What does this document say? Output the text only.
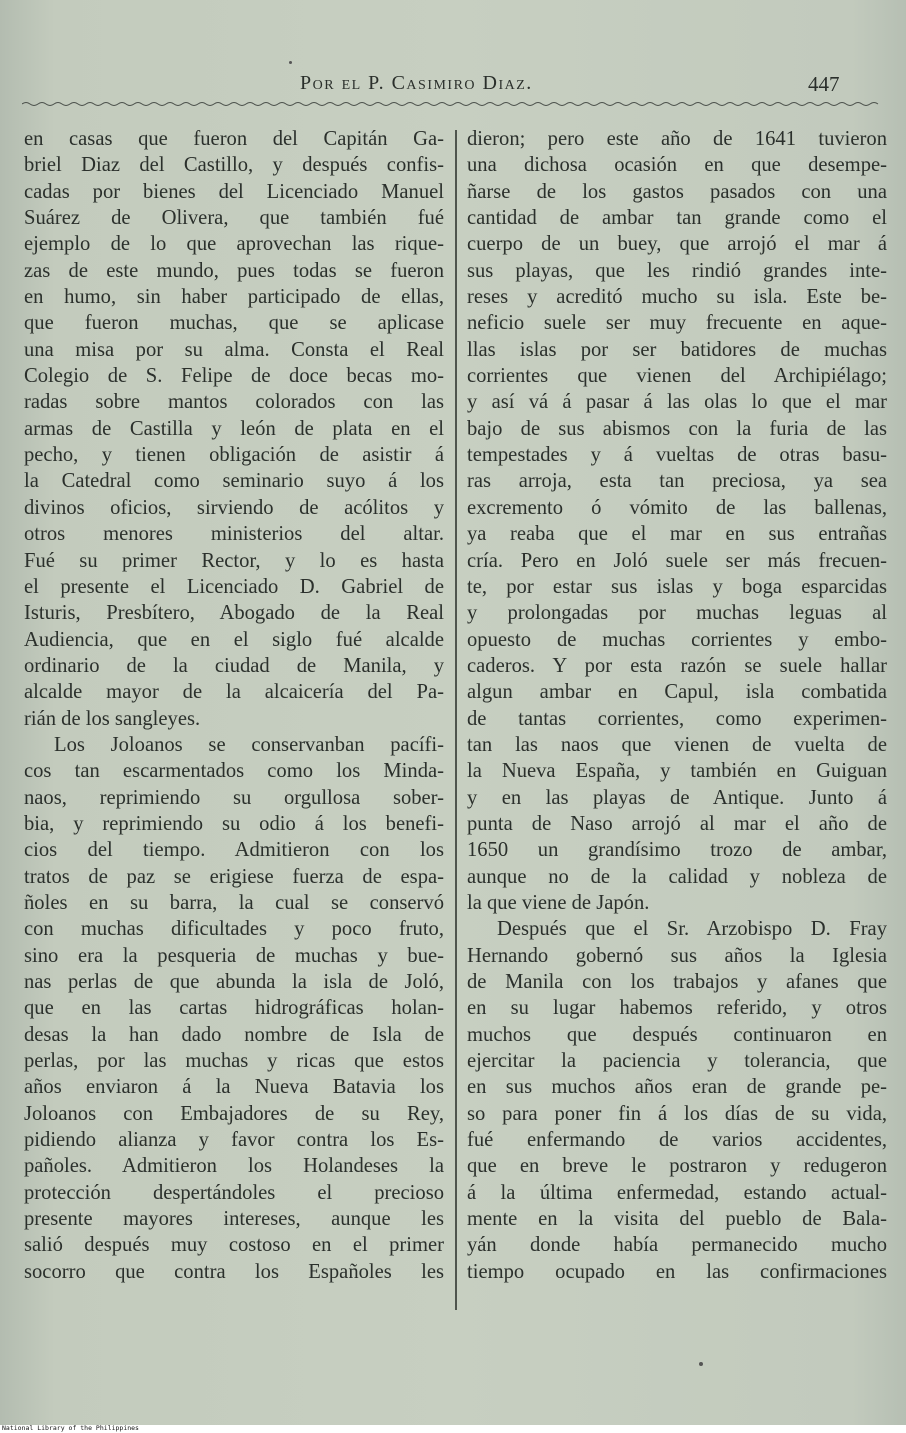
Por el P. Casimiro Diaz.	447
en casas que fueron del Capitán Ga-
briel Diaz del Castillo, y después confis-
cadas por bienes del Licenciado Manuel
Suárez de Olivera, que también fué
ejemplo de lo que aprovechan las rique-
zas de este mundo, pues todas se fueron
en humo, sin haber participado de ellas,
que fueron muchas, que se aplicase
una misa por su alma. Consta el Real
Colegio de S. Felipe de doce becas mo-
radas sobre mantos colorados con las
armas de Castilla y león de plata en el
pecho, y tienen obligación de asistir á
la Catedral como seminario suyo á los
divinos oficios, sirviendo de acólitos y
otros menores ministerios del altar.
Fué su primer Rector, y lo es hasta
el presente el Licenciado D. Gabriel de
Isturis, Presbítero, Abogado de la Real
Audiencia, que en el siglo fué alcalde
ordinario de la ciudad de Manila, y
alcalde mayor de la alcaicería del Pa-
rián de los sangleyes.
Los Joloanos se conservanban pacífi-
cos tan escarmentados como los Minda-
naos, reprimiendo su orgullosa sober-
bia, y reprimiendo su odio á los benefi-
cios del tiempo. Admitieron con los
tratos de paz se erigiese fuerza de espa-
ñoles en su barra, la cual se conservó
con muchas dificultades y poco fruto,
sino era la pesqueria de muchas y bue-
nas perlas de que abunda la isla de Joló,
que en las cartas hidrográficas holan-
desas la han dado nombre de Isla de
perlas, por las muchas y ricas que estos
años enviaron á la Nueva Batavia los
Joloanos con Embajadores de su Rey,
pidiendo alianza y favor contra los Es-
pañoles. Admitieron los Holandeses la
protección despertándoles el precioso
presente mayores intereses, aunque les
salió después muy costoso en el primer
socorro que contra los Españoles les
dieron; pero este año de 1641 tuvieron
una dichosa ocasión en que desempe-
ñarse de los gastos pasados con una
cantidad de ambar tan grande como el
cuerpo de un buey, que arrojó el mar á
sus playas, que les rindió grandes inte-
reses y acreditó mucho su isla. Este be-
neficio suele ser muy frecuente en aque-
llas islas por ser batidores de muchas
corrientes que vienen del Archipiélago;
y así vá á pasar á las olas lo que el mar
bajo de sus abismos con la furia de las
tempestades y á vueltas de otras basu-
ras arroja, esta tan preciosa, ya sea
excremento ó vómito de las ballenas,
ya reaba que el mar en sus entrañas
cría. Pero en Joló suele ser más frecuen-
te, por estar sus islas y boga esparcidas
y prolongadas por muchas leguas al
opuesto de muchas corrientes y embo-
caderos. Y por esta razón se suele hallar
algun ambar en Capul, isla combatida
de tantas corrientes, como experimen-
tan las naos que vienen de vuelta de
la Nueva España, y también en Guiguan
y en las playas de Antique. Junto á
punta de Naso arrojó al mar el año de
1650 un grandísimo trozo de ambar,
aunque no de la calidad y nobleza de
la que viene de Japón.
Después que el Sr. Arzobispo D. Fray
Hernando gobernó sus años la Iglesia
de Manila con los trabajos y afanes que
en su lugar habemos referido, y otros
muchos que después continuaron en
ejercitar la paciencia y tolerancia, que
en sus muchos años eran de grande pe-
so para poner fin á los días de su vida,
fué enfermando de varios accidentes,
que en breve le postraron y redugeron
á la última enfermedad, estando actual-
mente en la visita del pueblo de Bala-
yán donde había permanecido mucho
tiempo ocupado en las confirmaciones
National Library of the Philippines
